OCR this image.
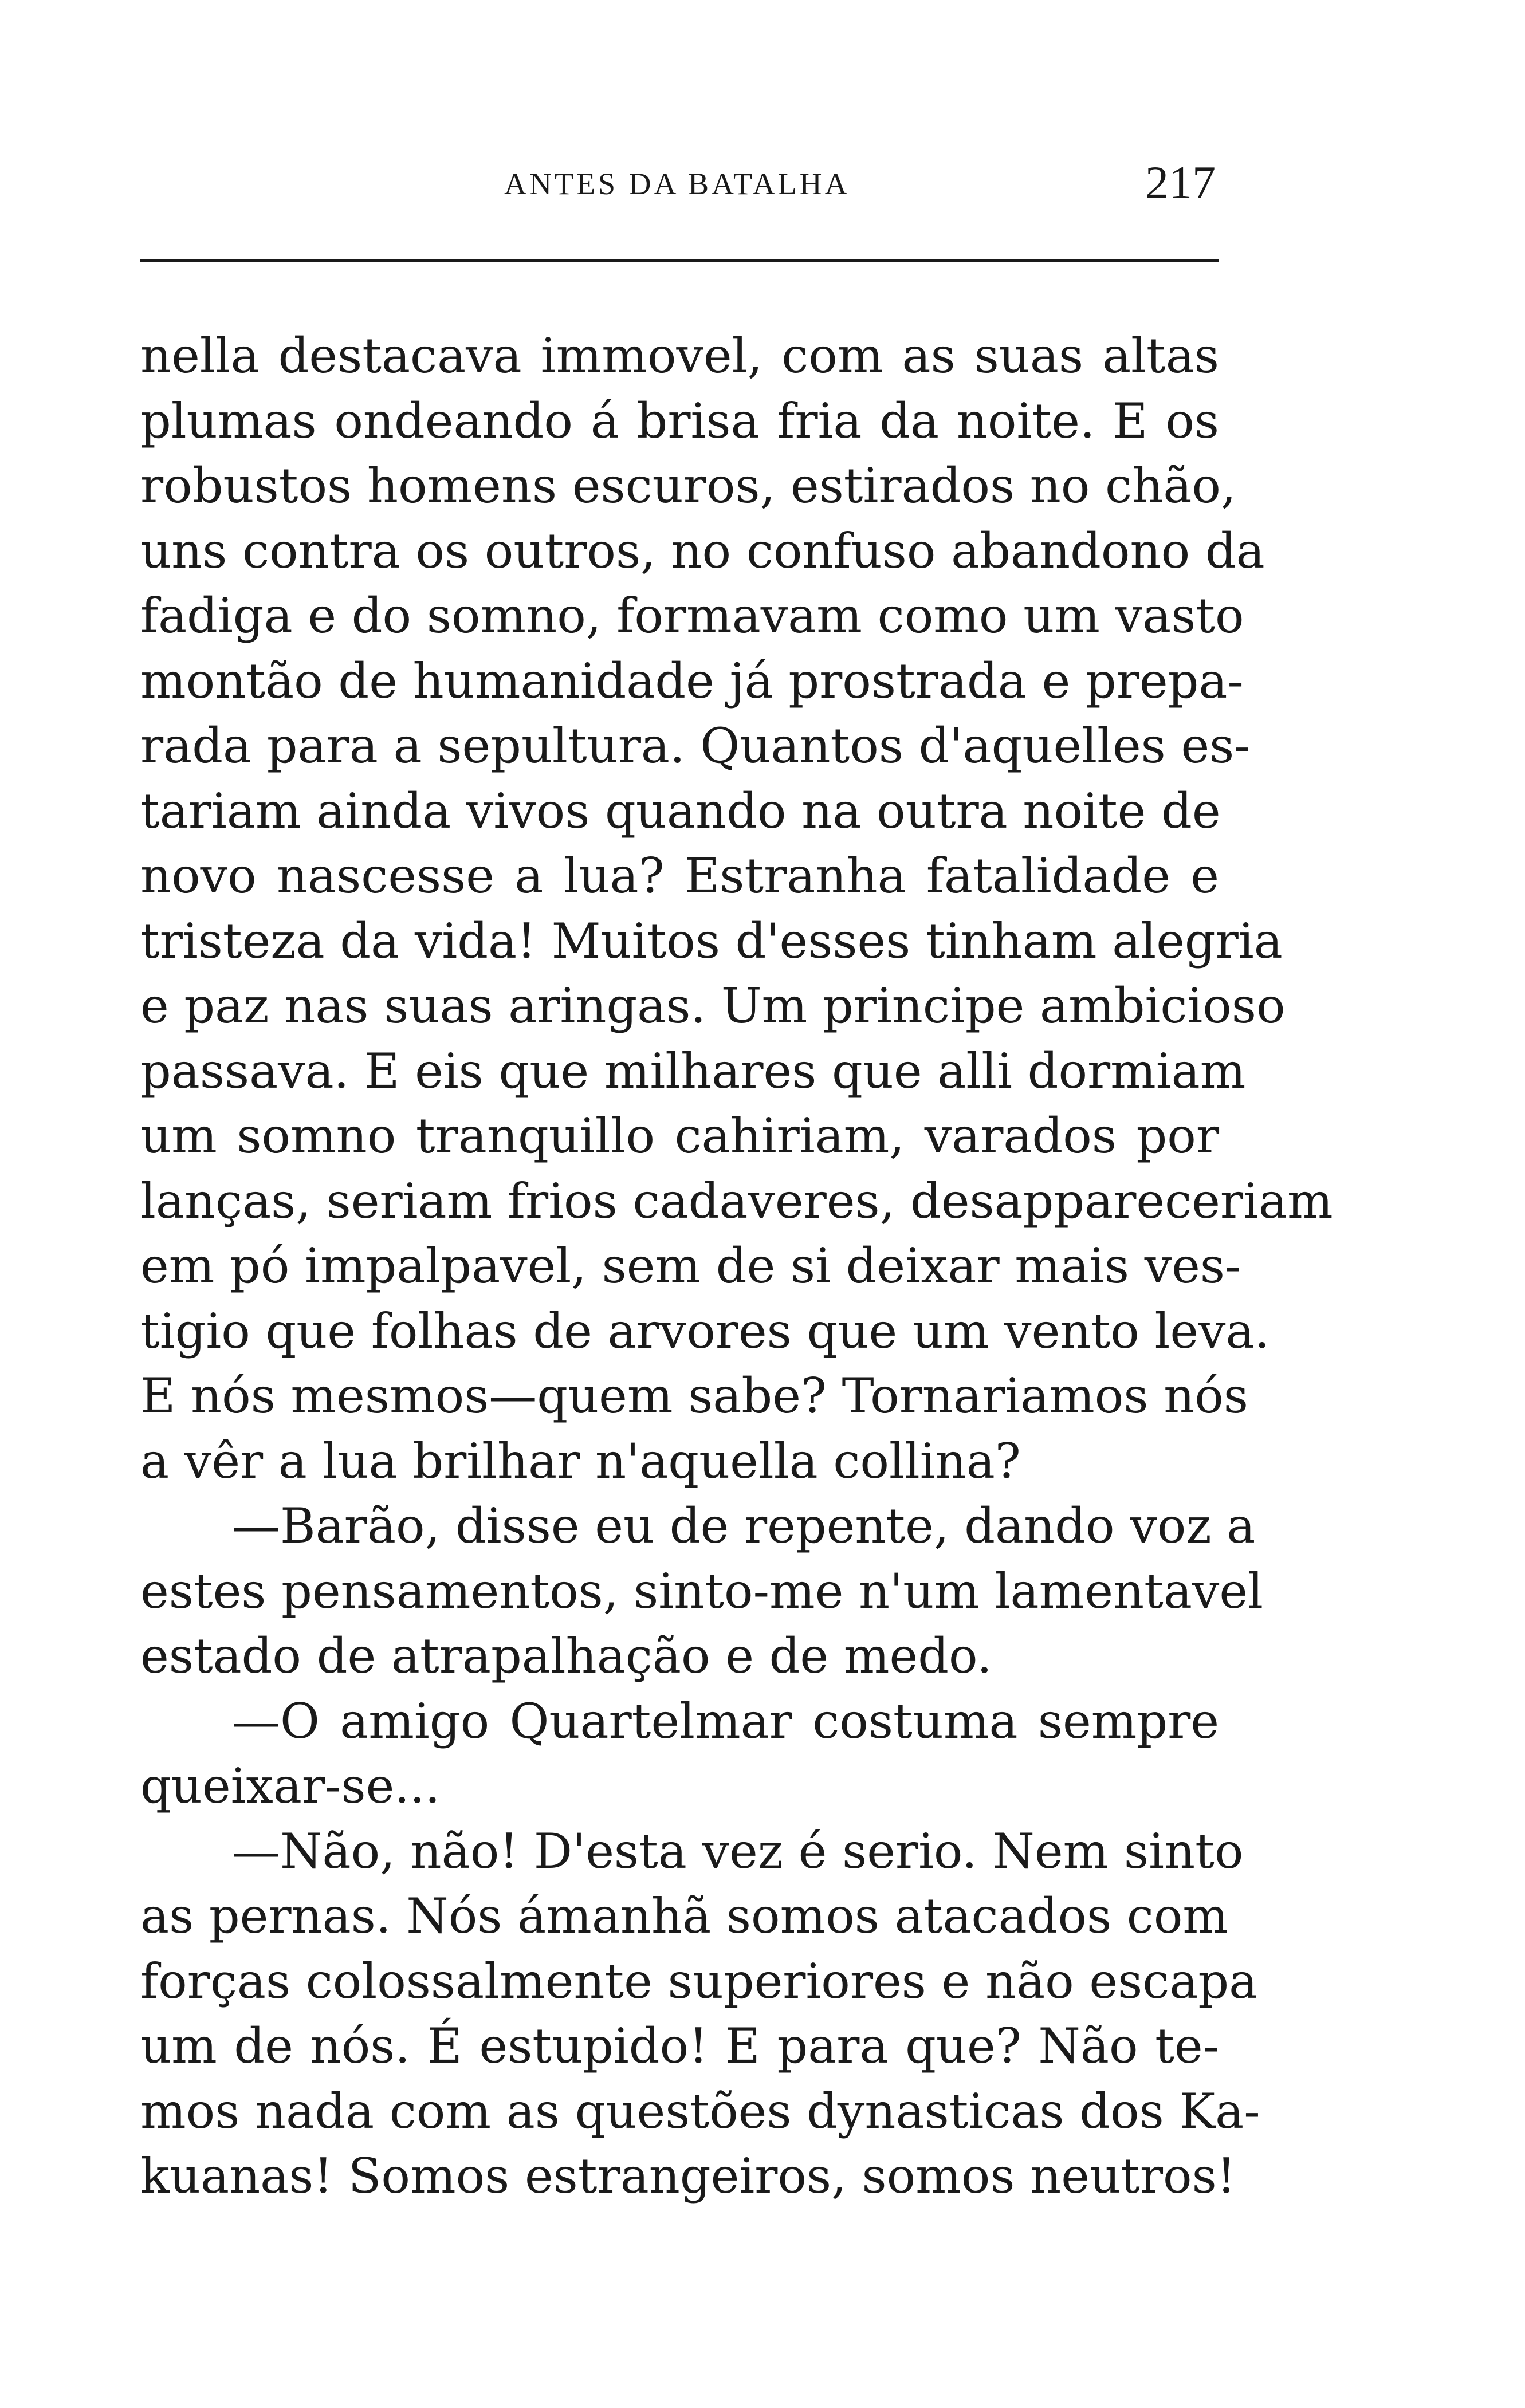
ANTES DA BATALHA	217
nella destacava immovel, com as suas altas
plumas ondeando á brisa fria da noite. E os
robustos homens escuros, estirados no chão,
uns contra os outros, no confuso abandono da
fadiga e do somno, formavam como um vasto
montão de humanidade já prostrada e prepa-
rada para a sepultura. Quantos d'aquelles es-
tariam ainda vivos quando na outra noite de
novo nascesse a lua? Estranha fatalidade e
tristeza da vida! Muitos d'esses tinham alegria
e paz nas suas aringas. Um principe ambicioso
passava. E eis que milhares que alli dormiam
um somno tranquillo cahiriam, varados por
lanças, seriam frios cadaveres, desappareceriam
em pó impalpavel, sem de si deixar mais ves-
tigio que folhas de arvores que um vento leva.
E nós mesmos—quem sabe? Tornariamos nós
a vêr a lua brilhar n'aquella collina?
—Barão, disse eu de repente, dando voz a
estes pensamentos, sinto-me n'um lamentavel
estado de atrapalhação e de medo.
—O amigo Quartelmar costuma sempre
queixar-se...
—Não, não! D'esta vez é serio. Nem sinto
as pernas. Nós ámanhã somos atacados com
forças colossalmente superiores e não escapa
um de nós. É estupido! E para que? Não te-
mos nada com as questões dynasticas dos Ka-
kuanas! Somos estrangeiros, somos neutros!
